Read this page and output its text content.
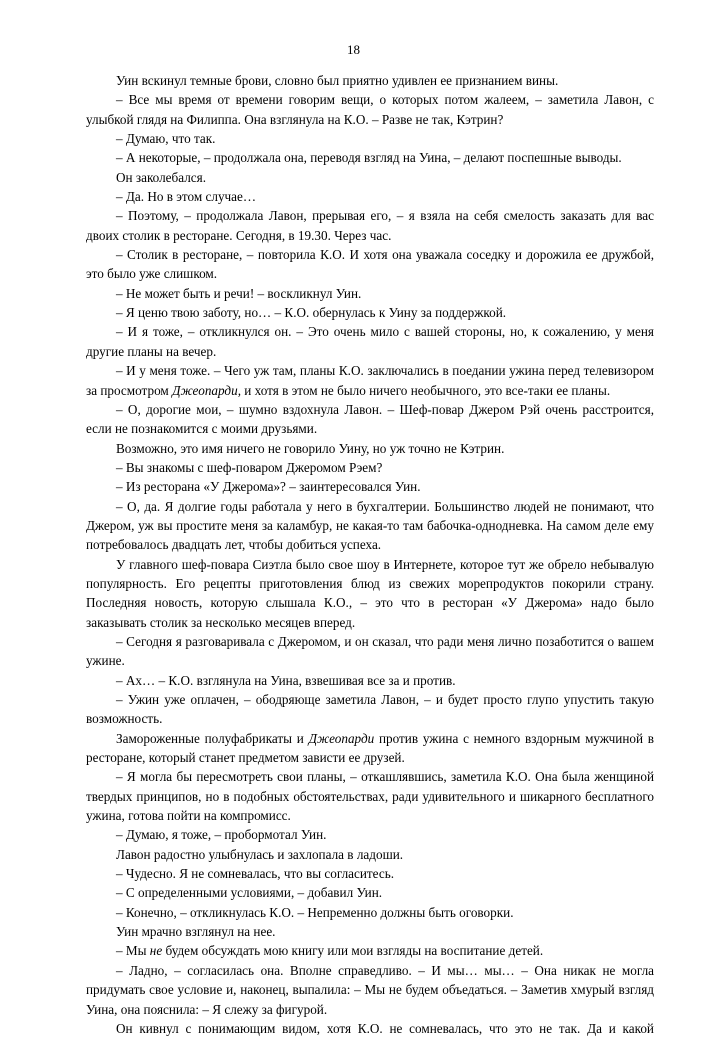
18

Уин вскинул темные брови, словно был приятно удивлен ее признанием вины.

– Все мы время от времени говорим вещи, о которых потом жалеем, – заметила Лавон, с улыбкой глядя на Филиппа. Она взглянула на К.О. – Разве не так, Кэтрин?

– Думаю, что так.

– А некоторые, – продолжала она, переводя взгляд на Уина, – делают поспешные выводы.

Он заколебался.

– Да. Но в этом случае…

– Поэтому, – продолжала Лавон, прерывая его, – я взяла на себя смелость заказать для вас двоих столик в ресторане. Сегодня, в 19.30. Через час.

– Столик в ресторане, – повторила К.О. И хотя она уважала соседку и дорожила ее дружбой, это было уже слишком.

– Не может быть и речи! – воскликнул Уин.

– Я ценю твою заботу, но… – К.О. обернулась к Уину за поддержкой.

– И я тоже, – откликнулся он. – Это очень мило с вашей стороны, но, к сожалению, у меня другие планы на вечер.

– И у меня тоже. – Чего уж там, планы К.О. заключались в поедании ужина перед телевизором за просмотром Джеопарди, и хотя в этом не было ничего необычного, это все-таки ее планы.

– О, дорогие мои, – шумно вздохнула Лавон. – Шеф-повар Джером Рэй очень расстроится, если не познакомится с моими друзьями.

Возможно, это имя ничего не говорило Уину, но уж точно не Кэтрин.

– Вы знакомы с шеф-поваром Джеромом Рэем?

– Из ресторана «У Джерома»? – заинтересовался Уин.

– О, да. Я долгие годы работала у него в бухгалтерии. Большинство людей не понимают, что Джером, уж вы простите меня за каламбур, не какая-то там бабочка-однодневка. На самом деле ему потребовалось двадцать лет, чтобы добиться успеха.

У главного шеф-повара Сиэтла было свое шоу в Интернете, которое тут же обрело небывалую популярность. Его рецепты приготовления блюд из свежих морепродуктов покорили страну. Последняя новость, которую слышала К.О., – это что в ресторан «У Джерома» надо было заказывать столик за несколько месяцев вперед.

– Сегодня я разговаривала с Джеромом, и он сказал, что ради меня лично позаботится о вашем ужине.

– Ах… – К.О. взглянула на Уина, взвешивая все за и против.

– Ужин уже оплачен, – ободряюще заметила Лавон, – и будет просто глупо упустить такую возможность.

Замороженные полуфабрикаты и Джеопарди против ужина с немного вздорным мужчиной в ресторане, который станет предметом зависти ее друзей.

– Я могла бы пересмотреть свои планы, – откашлявшись, заметила К.О. Она была женщиной твердых принципов, но в подобных обстоятельствах, ради удивительного и шикарного бесплатного ужина, готова пойти на компромисс.

– Думаю, я тоже, – пробормотал Уин.

Лавон радостно улыбнулась и захлопала в ладоши.

– Чудесно. Я не сомневалась, что вы согласитесь.

– С определенными условиями, – добавил Уин.

– Конечно, – откликнулась К.О. – Непременно должны быть оговорки.

Уин мрачно взглянул на нее.

– Мы не будем обсуждать мою книгу или мои взгляды на воспитание детей.

– Ладно, – согласилась она. Вполне справедливо. – И мы… мы… – Она никак не могла придумать свое условие и, наконец, выпалила: – Мы не будем объедаться. – Заметив хмурый взгляд Уина, она пояснила: – Я слежу за фигурой.

Он кивнул с понимающим видом, хотя К.О. не сомневалась, что это не так. Да и какой
